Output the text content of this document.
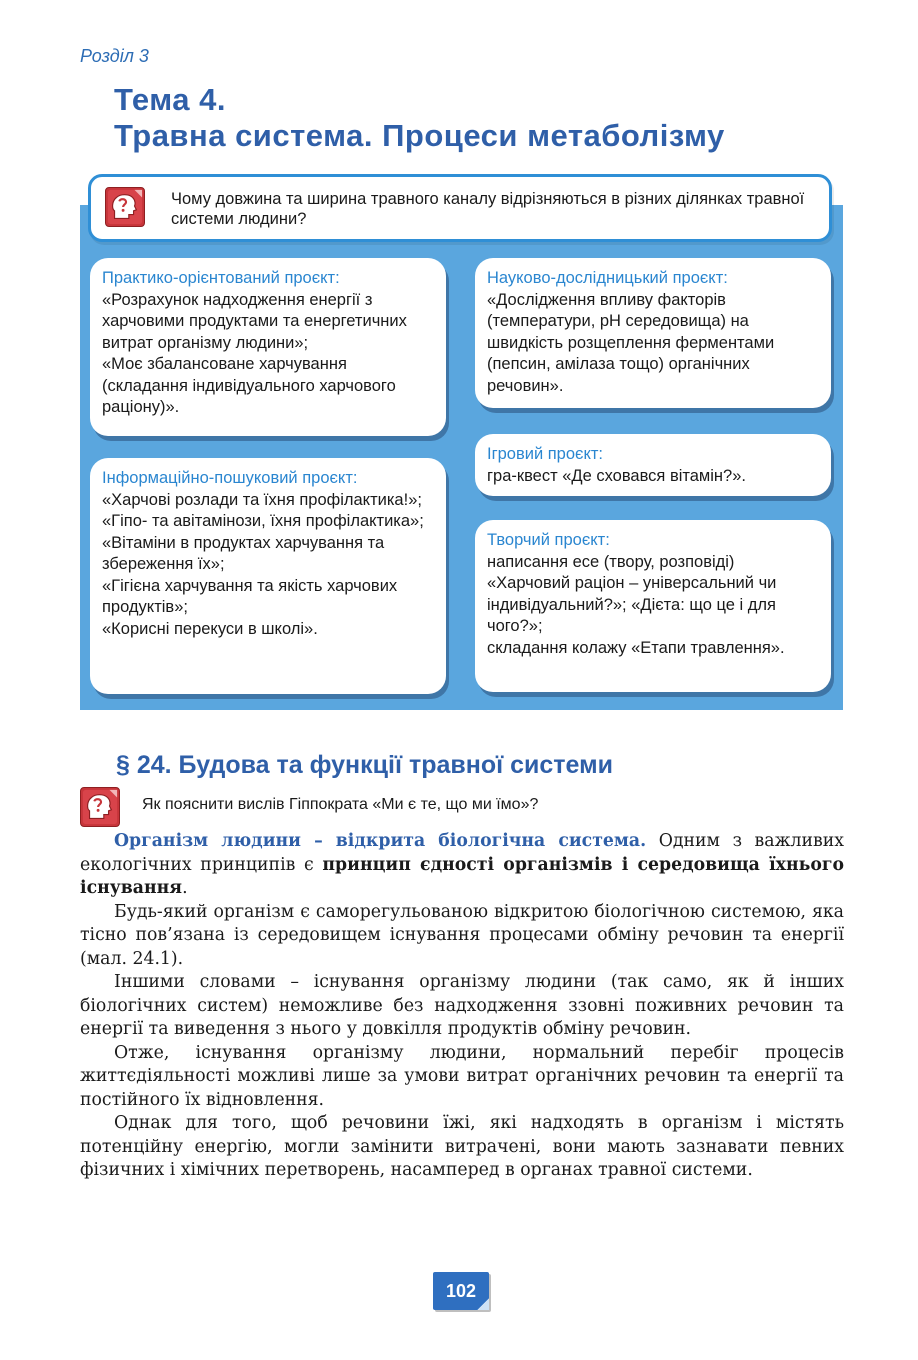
Розділ 3
Тема 4.
Травна система. Процеси метаболізму
Чому довжина та ширина травного каналу відрізняються в різних ділянках травної системи людини?
Практико-орієнтований проєкт:
«Розрахунок надходження енергії з харчовими продуктами та енергетичних витрат організму людини»;
«Моє збалансоване харчування (складання індивідуального харчового раціону)».
Науково-дослідницький проєкт:
«Дослідження впливу факторів (температури, pH середовища) на швидкість розщеплення ферментами (пепсин, амілаза тощо) органічних речовин».
Ігровий проєкт:
гра-квест «Де сховався вітамін?».
Інформаційно-пошуковий проєкт:
«Харчові розлади та їхня профілактика!»;
«Гіпо- та авітамінози, їхня профілактика»;
«Вітаміни в продуктах харчування та збереження їх»;
«Гігієна харчування та якість харчових продуктів»;
«Корисні перекуси в школі».
Творчий проєкт:
написання есе (твору, розповіді) «Харчовий раціон – універсальний чи індивідуальний?»; «Дієта: що це і для чого?»;
складання колажу «Етапи травлення».
§ 24. Будова та функції травної системи
Як пояснити вислів Гіппократа «Ми є те, що ми їмо»?

Організм людини – відкрита біологічна система. Одним з важливих екологічних принципів є принцип єдності організмів і середовища їхнього існування.

Будь-який організм є саморегульованою відкритою біологічною системою, яка тісно пов’язана із середовищем існування процесами обміну речовин та енергії (мал. 24.1).

Іншими словами – існування організму людини (так само, як й інших біологічних систем) неможливе без надходження ззовні поживних речовин та енергії та виведення з нього у довкілля продуктів обміну речовин.

Отже, існування організму людини, нормальний перебіг процесів життєдіяльності можливі лише за умови витрат органічних речовин та енергії та постійного їх відновлення.

Однак для того, щоб речовини їжі, які надходять в організм і містять потенційну енергію, могли замінити витрачені, вони мають зазнавати певних фізичних і хімічних перетворень, насамперед в органах травної системи.

102
